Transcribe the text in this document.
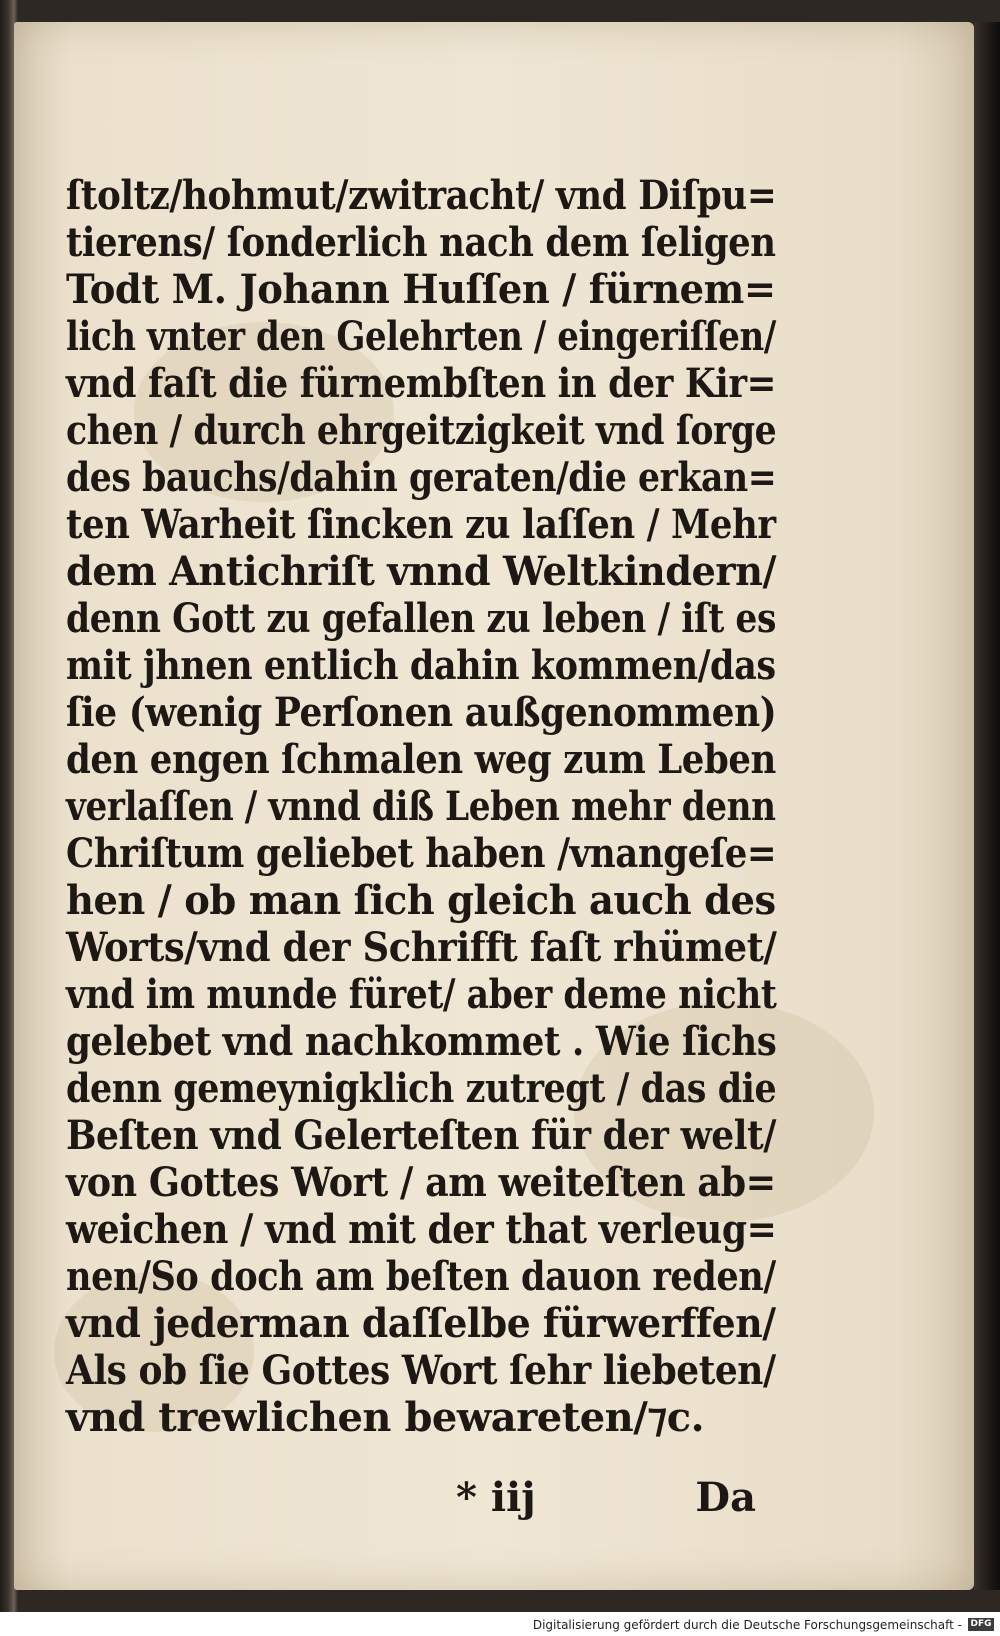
ſtoltz/hohmut/zwitracht/ vnd Diſpu=
tierens/ ſonderlich nach dem ſeligen
Todt M. Johann Huſſen / fürnem=
lich vnter den Gelehrten / eingeriſſen/
vnd faſt die fürnembſten in der Kir=
chen / durch ehrgeitzigkeit vnd ſorge
des bauchs/dahin geraten/die erkan=
ten Warheit ſincken zu laſſen / Mehr
dem Antichriſt vnnd Weltkindern/
denn Gott zu gefallen zu leben / iſt es
mit jhnen entlich dahin kommen/das
ſie (wenig Perſonen außgenommen)
den engen ſchmalen weg zum Leben
verlaſſen / vnnd diß Leben mehr denn
Chriſtum geliebet haben /vnangeſe=
hen / ob man ſich gleich auch des
Worts/vnd der Schrifft faſt rhümet/
vnd im munde füret/ aber deme nicht
gelebet vnd nachkommet . Wie ſichs
denn gemeynigklich zutregt / das die
Beſten vnd Gelerteſten für der welt/
von Gottes Wort / am weiteſten ab=
weichen / vnd mit der that verleug=
nen/So doch am beſten dauon reden/
vnd jederman daſſelbe fürwerffen/
Als ob ſie Gottes Wort ſehr liebeten/
vnd trewlichen bewareten/⁊c.
* iij	Da
Digitalisierung gefördert durch die Deutsche Forschungsgemeinschaft - DFG
